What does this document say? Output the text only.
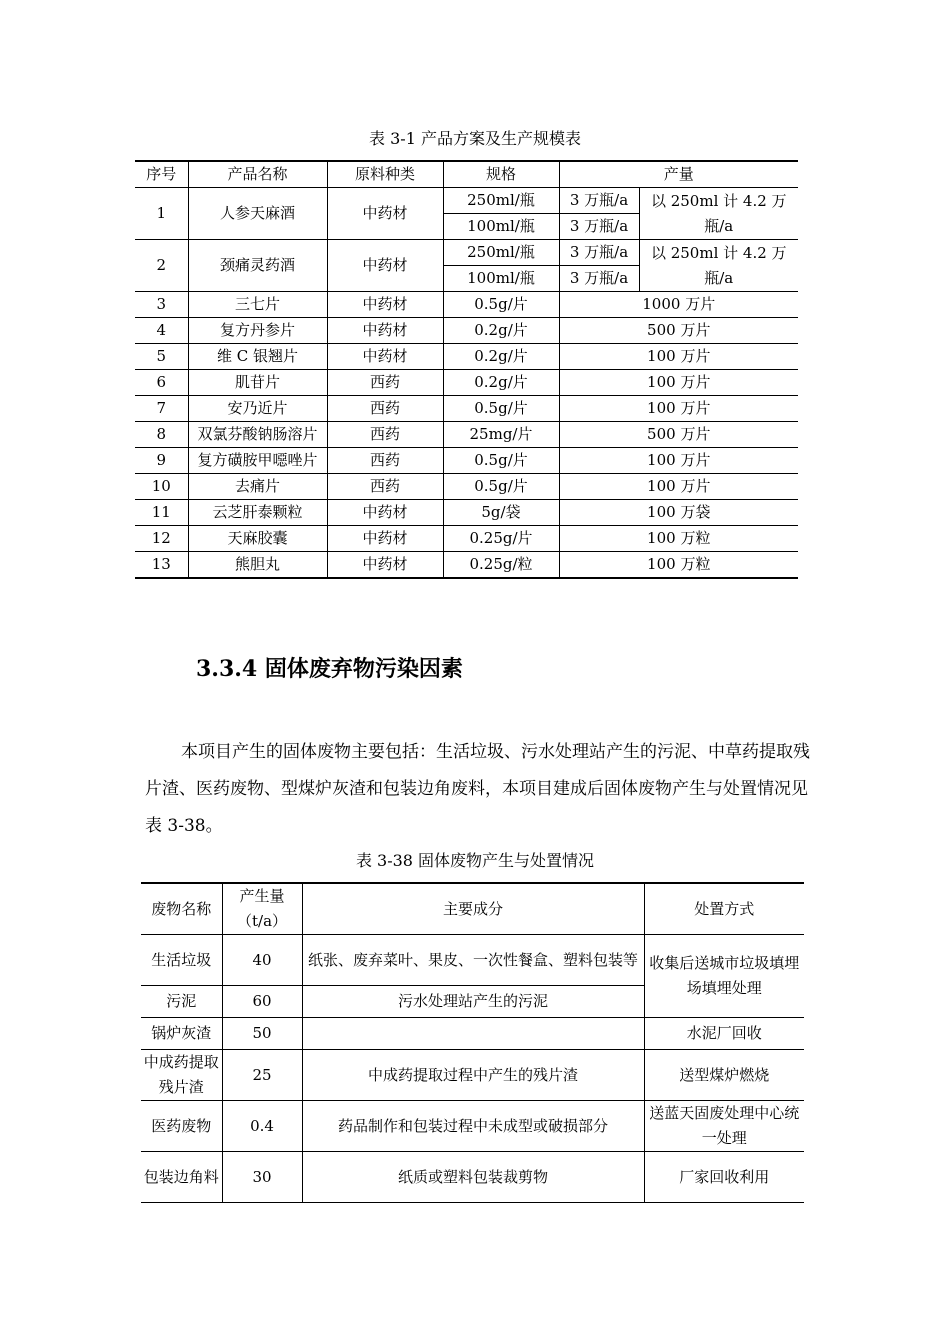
表 3-1 产品方案及生产规模表
序号	产品名称	原料种类	规格	产量	
1	人参天麻酒	中药材	250ml/瓶	3 万瓶/a	以 250ml 计 4.2 万瓶/a
			100ml/瓶	3 万瓶/a	
2	颈痛灵药酒	中药材	250ml/瓶	3 万瓶/a	以 250ml 计 4.2 万瓶/a
			100ml/瓶	3 万瓶/a	
3	三七片	中药材	0.5g/片	1000 万片	
4	复方丹参片	中药材	0.2g/片	500 万片	
5	维 C 银翘片	中药材	0.2g/片	100 万片	
6	肌苷片	西药	0.2g/片	100 万片	
7	安乃近片	西药	0.5g/片	100 万片	
8	双氯芬酸钠肠溶片	西药	25mg/片	500 万片	
9	复方磺胺甲噁唑片	西药	0.5g/片	100 万片	
10	去痛片	西药	0.5g/片	100 万片	
11	云芝肝泰颗粒	中药材	5g/袋	100 万袋	
12	天麻胶囊	中药材	0.25g/片	100 万粒	
13	熊胆丸	中药材	0.25g/粒	100 万粒	
3.3.4 固体废弃物污染因素
本项目产生的固体废物主要包括：生活垃圾、污水处理站产生的污泥、中草药提取残片渣、医药废物、型煤炉灰渣和包装边角废料，本项目建成后固体废物产生与处置情况见表 3-38。
表 3-38 固体废物产生与处置情况
废物名称	产生量（t/a）	主要成分	处置方式
生活垃圾	40	纸张、废弃菜叶、果皮、一次性餐盒、塑料包装等	收集后送城市垃圾填埋场填埋处理
污泥	60	污水处理站产生的污泥	
锅炉灰渣	50		水泥厂回收
中成药提取残片渣	25	中成药提取过程中产生的残片渣	送型煤炉燃烧
医药废物	0.4	药品制作和包装过程中未成型或破损部分	送蓝天固废处理中心统一处理
包装边角料	30	纸质或塑料包装裁剪物	厂家回收利用
